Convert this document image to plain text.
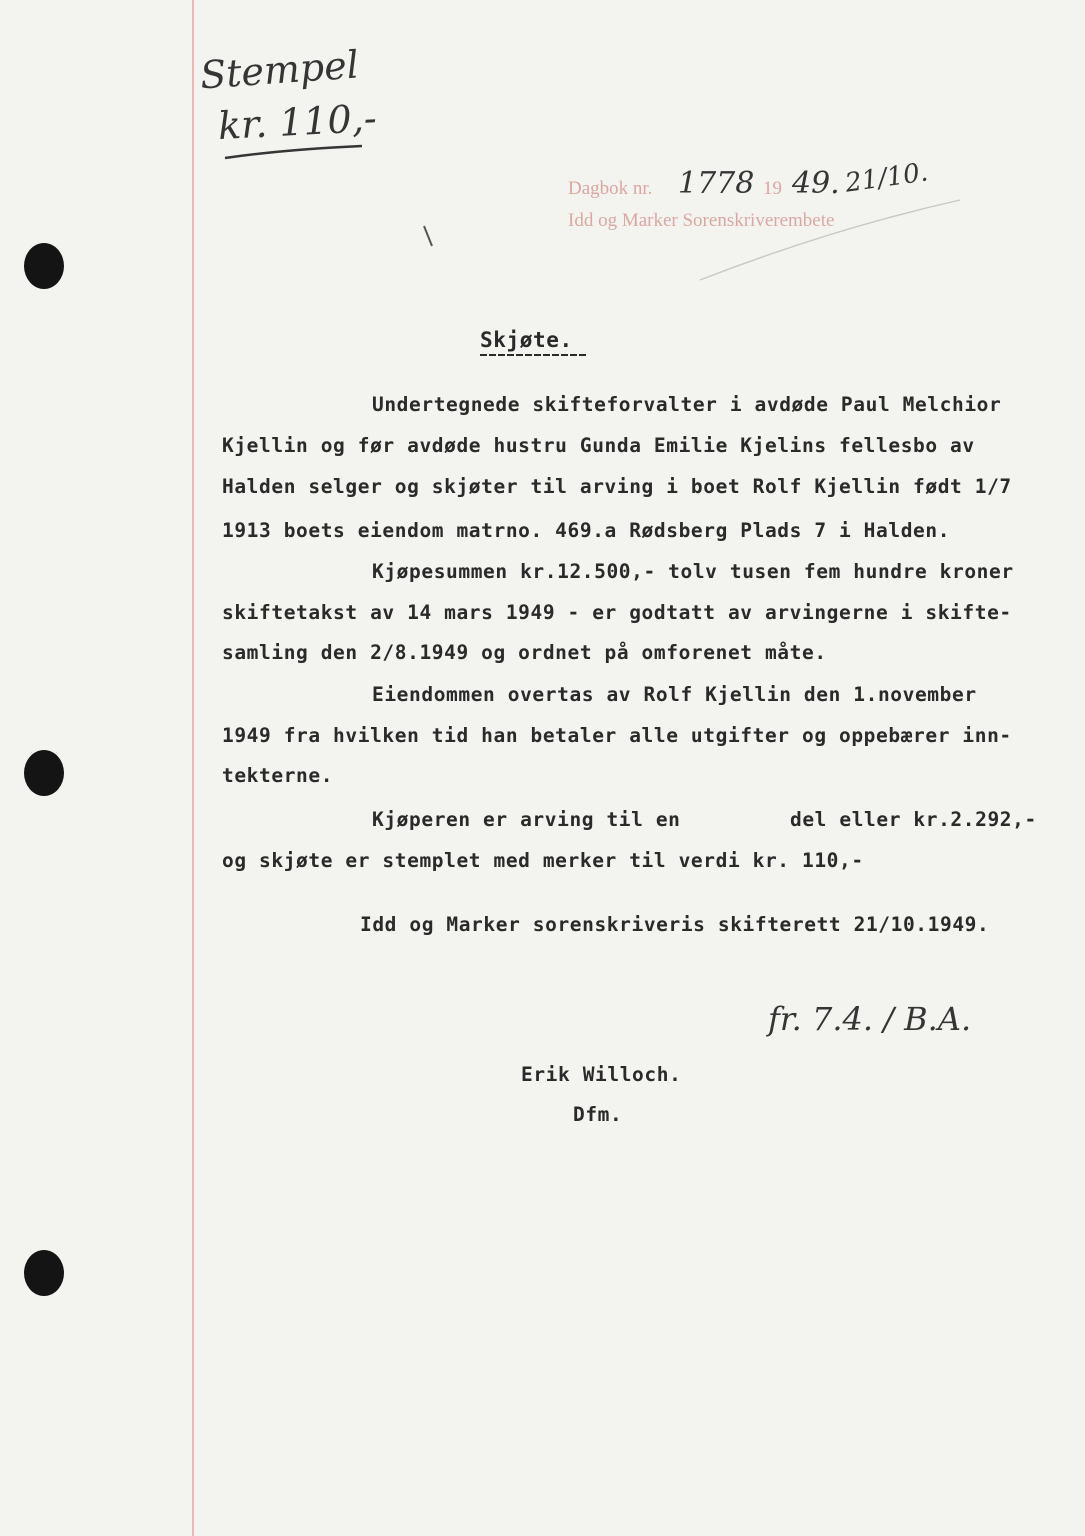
Stempel
kr. 110,-
Dagbok nr. 1778 19 49. 21/10.
Idd og Marker Sorenskriverembete
Skjøte.
Undertegnede skifteforvalter i avdøde Paul Melchior
Kjellin og før avdøde hustru Gunda Emilie Kjelins fellesbo av
Halden selger og skjøter til arving i boet Rolf Kjellin født 1/7
1913 boets eiendom matrno. 469.a Rødsberg Plads 7 i Halden.
Kjøpesummen kr.12.500,- tolv tusen fem hundre kroner
skiftetakst av 14 mars 1949 - er godtatt av arvingerne i skifte-
samling den 2/8.1949 og ordnet på omforenet måte.
Eiendommen overtas av Rolf Kjellin den 1.november
1949 fra hvilken tid han betaler alle utgifter og oppebærer inn-
tekterne.
Kjøperen er arving til en	del eller kr.2.292,-
og skjøte er stemplet med merker til verdi kr. 110,-
Idd og Marker sorenskriveris skifterett 21/10.1949.
fr. 7.4. / B.A.
Erik Willoch.
Dfm.
